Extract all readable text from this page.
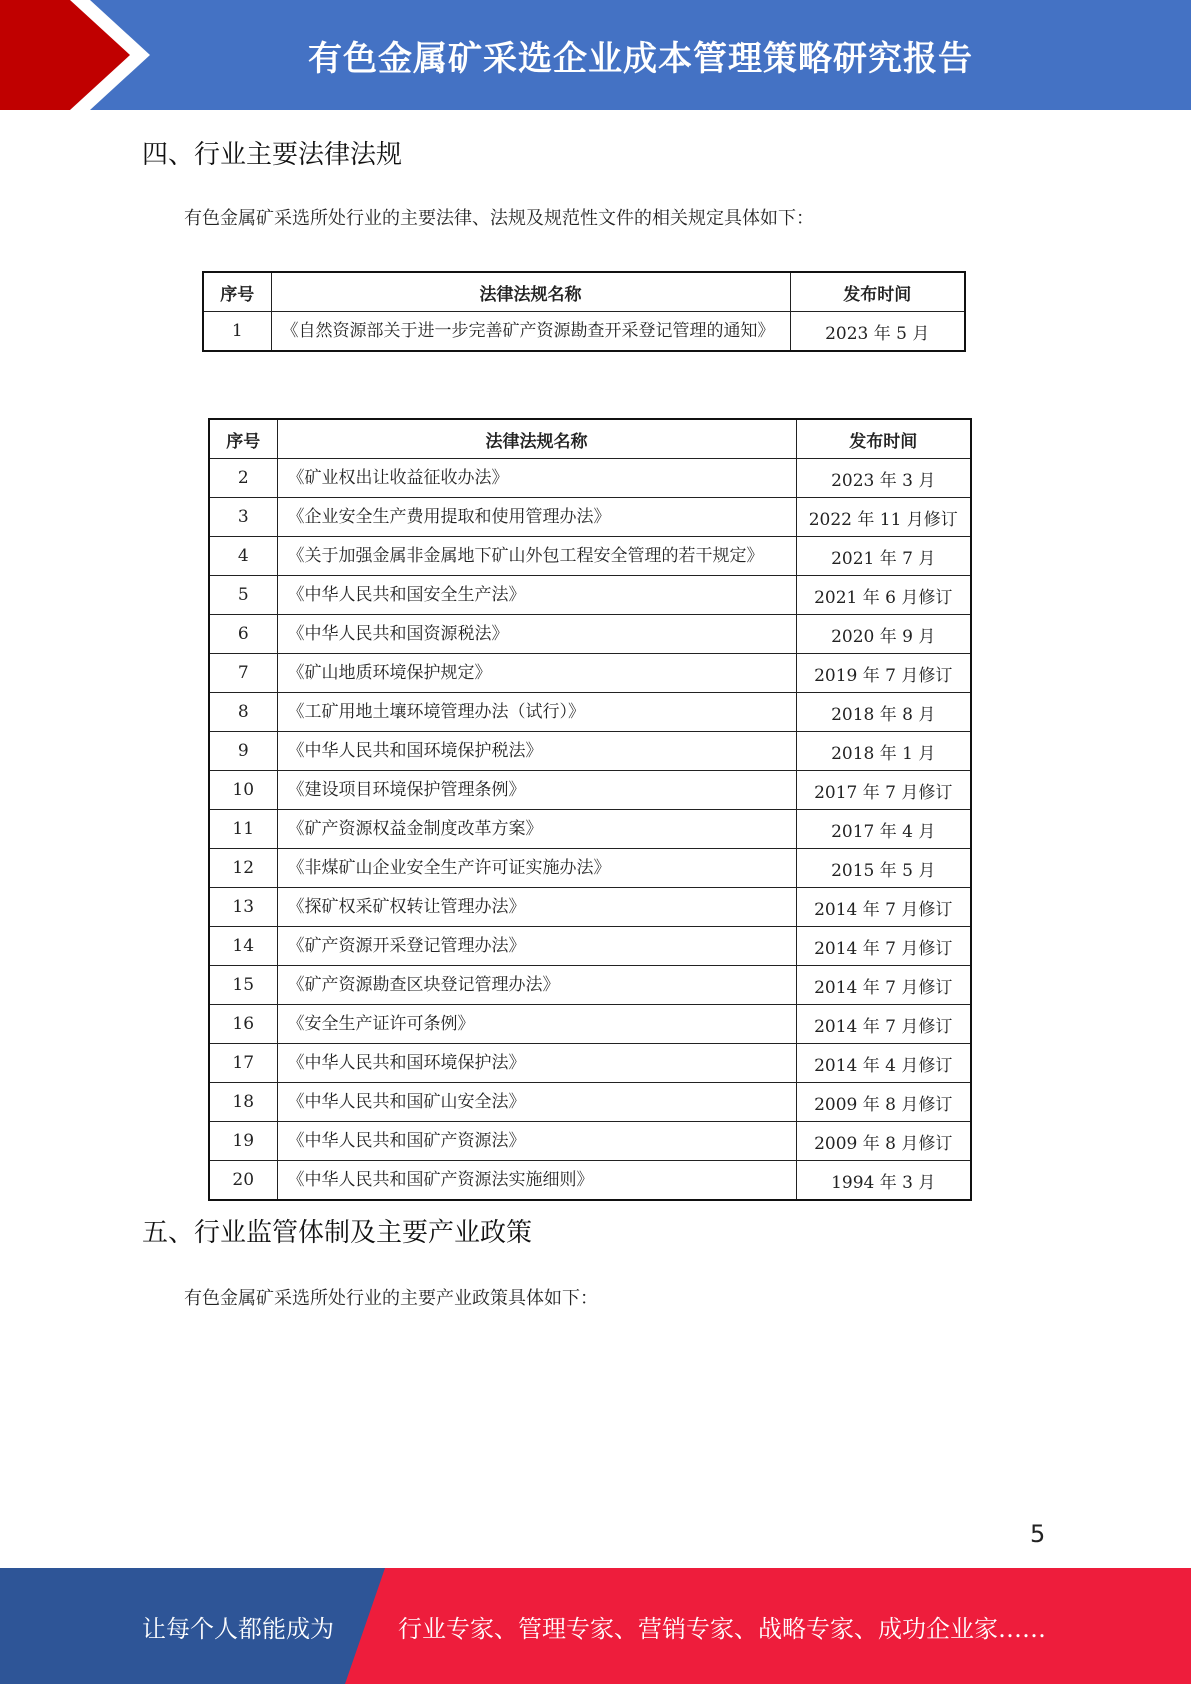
有色金属矿采选企业成本管理策略研究报告
四、行业主要法律法规
有色金属矿采选所处行业的主要法律、法规及规范性文件的相关规定具体如下：
序号	法律法规名称	发布时间
1	《自然资源部关于进一步完善矿产资源勘查开采登记管理的通知》	2023 年 5 月
序号	法律法规名称	发布时间
2	《矿业权出让收益征收办法》	2023 年 3 月
3	《企业安全生产费用提取和使用管理办法》	2022 年 11 月修订
4	《关于加强金属非金属地下矿山外包工程安全管理的若干规定》	2021 年 7 月
5	《中华人民共和国安全生产法》	2021 年 6 月修订
6	《中华人民共和国资源税法》	2020 年 9 月
7	《矿山地质环境保护规定》	2019 年 7 月修订
8	《工矿用地土壤环境管理办法（试行）》	2018 年 8 月
9	《中华人民共和国环境保护税法》	2018 年 1 月
10	《建设项目环境保护管理条例》	2017 年 7 月修订
11	《矿产资源权益金制度改革方案》	2017 年 4 月
12	《非煤矿山企业安全生产许可证实施办法》	2015 年 5 月
13	《探矿权采矿权转让管理办法》	2014 年 7 月修订
14	《矿产资源开采登记管理办法》	2014 年 7 月修订
15	《矿产资源勘查区块登记管理办法》	2014 年 7 月修订
16	《安全生产证许可条例》	2014 年 7 月修订
17	《中华人民共和国环境保护法》	2014 年 4 月修订
18	《中华人民共和国矿山安全法》	2009 年 8 月修订
19	《中华人民共和国矿产资源法》	2009 年 8 月修订
20	《中华人民共和国矿产资源法实施细则》	1994 年 3 月
五、行业监管体制及主要产业政策
有色金属矿采选所处行业的主要产业政策具体如下：
5
让每个人都能成为	行业专家、管理专家、营销专家、战略专家、成功企业家……
